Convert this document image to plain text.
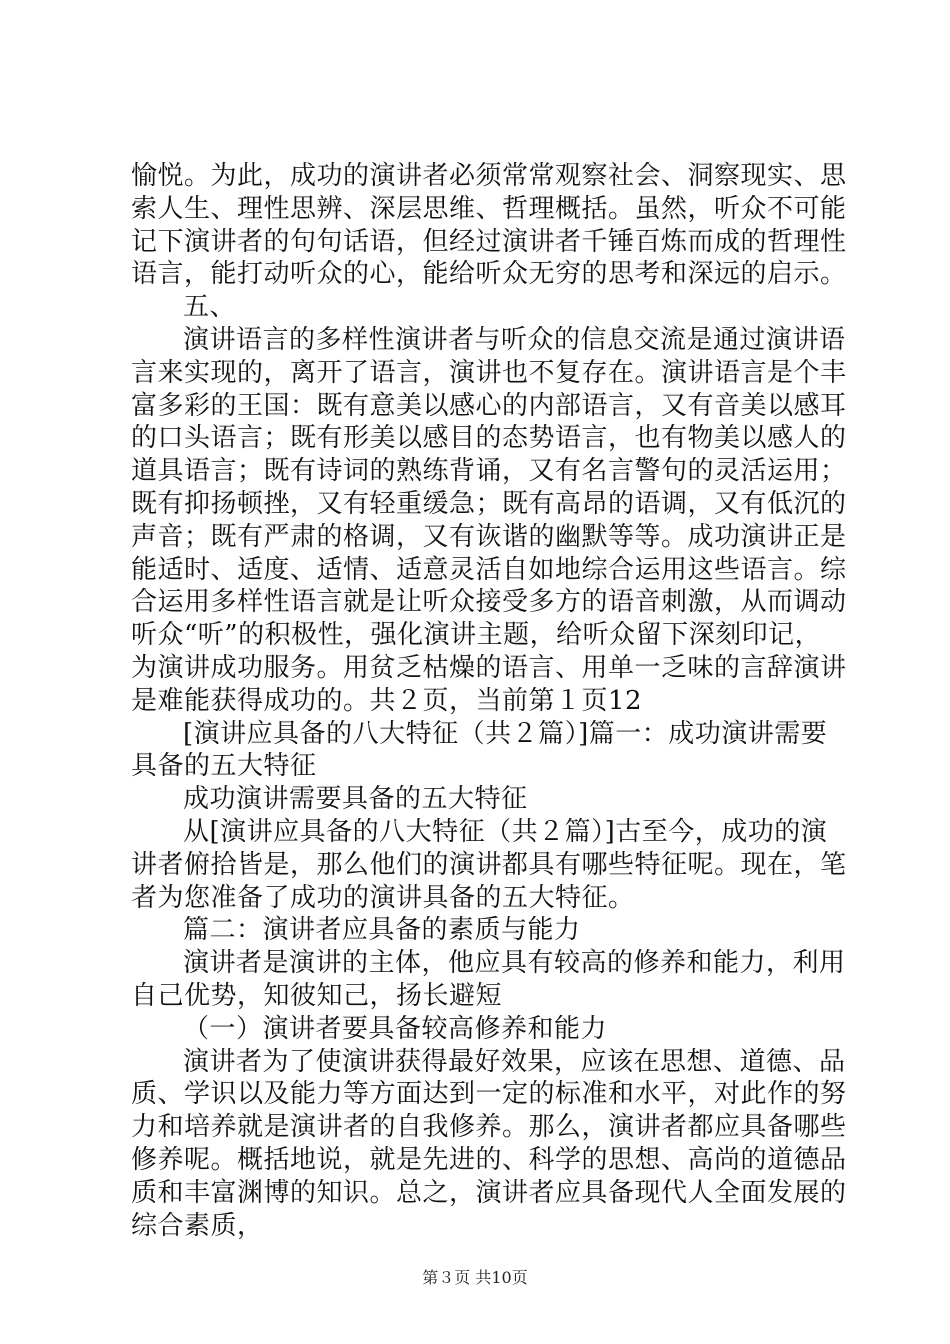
愉悦。为此，成功的演讲者必须常常观察社会、洞察现实、思
索人生、理性思辨、深层思维、哲理概括。虽然，听众不可能
记下演讲者的句句话语，但经过演讲者千锤百炼而成的哲理性
语言，能打动听众的心，能给听众无穷的思考和深远的启示。
五、
演讲语言的多样性演讲者与听众的信息交流是通过演讲语
言来实现的，离开了语言，演讲也不复存在。演讲语言是个丰
富多彩的王国：既有意美以感心的内部语言，又有音美以感耳
的口头语言；既有形美以感目的态势语言，也有物美以感人的
道具语言；既有诗词的熟练背诵，又有名言警句的灵活运用；
既有抑扬顿挫，又有轻重缓急；既有高昂的语调，又有低沉的
声音；既有严肃的格调，又有诙谐的幽默等等。成功演讲正是
能适时、适度、适情、适意灵活自如地综合运用这些语言。综
合运用多样性语言就是让听众接受多方的语音刺激，从而调动
听众“听”的积极性，强化演讲主题，给听众留下深刻印记，
为演讲成功服务。用贫乏枯燥的语言、用单一乏味的言辞演讲
是难能获得成功的。共２页，当前第１页12
[演讲应具备的八大特征（共２篇）]篇一：成功演讲需要
具备的五大特征
成功演讲需要具备的五大特征
从[演讲应具备的八大特征（共２篇）]古至今，成功的演
讲者俯拾皆是，那么他们的演讲都具有哪些特征呢。现在，笔
者为您准备了成功的演讲具备的五大特征。
篇二：演讲者应具备的素质与能力
演讲者是演讲的主体，他应具有较高的修养和能力，利用
自己优势，知彼知己，扬长避短
（一）演讲者要具备较高修养和能力
演讲者为了使演讲获得最好效果，应该在思想、道德、品
质、学识以及能力等方面达到一定的标准和水平，对此作的努
力和培养就是演讲者的自我修养。那么，演讲者都应具备哪些
修养呢。概括地说，就是先进的、科学的思想、高尚的道德品
质和丰富渊博的知识。总之，演讲者应具备现代人全面发展的
综合素质，
第３页 共10页
